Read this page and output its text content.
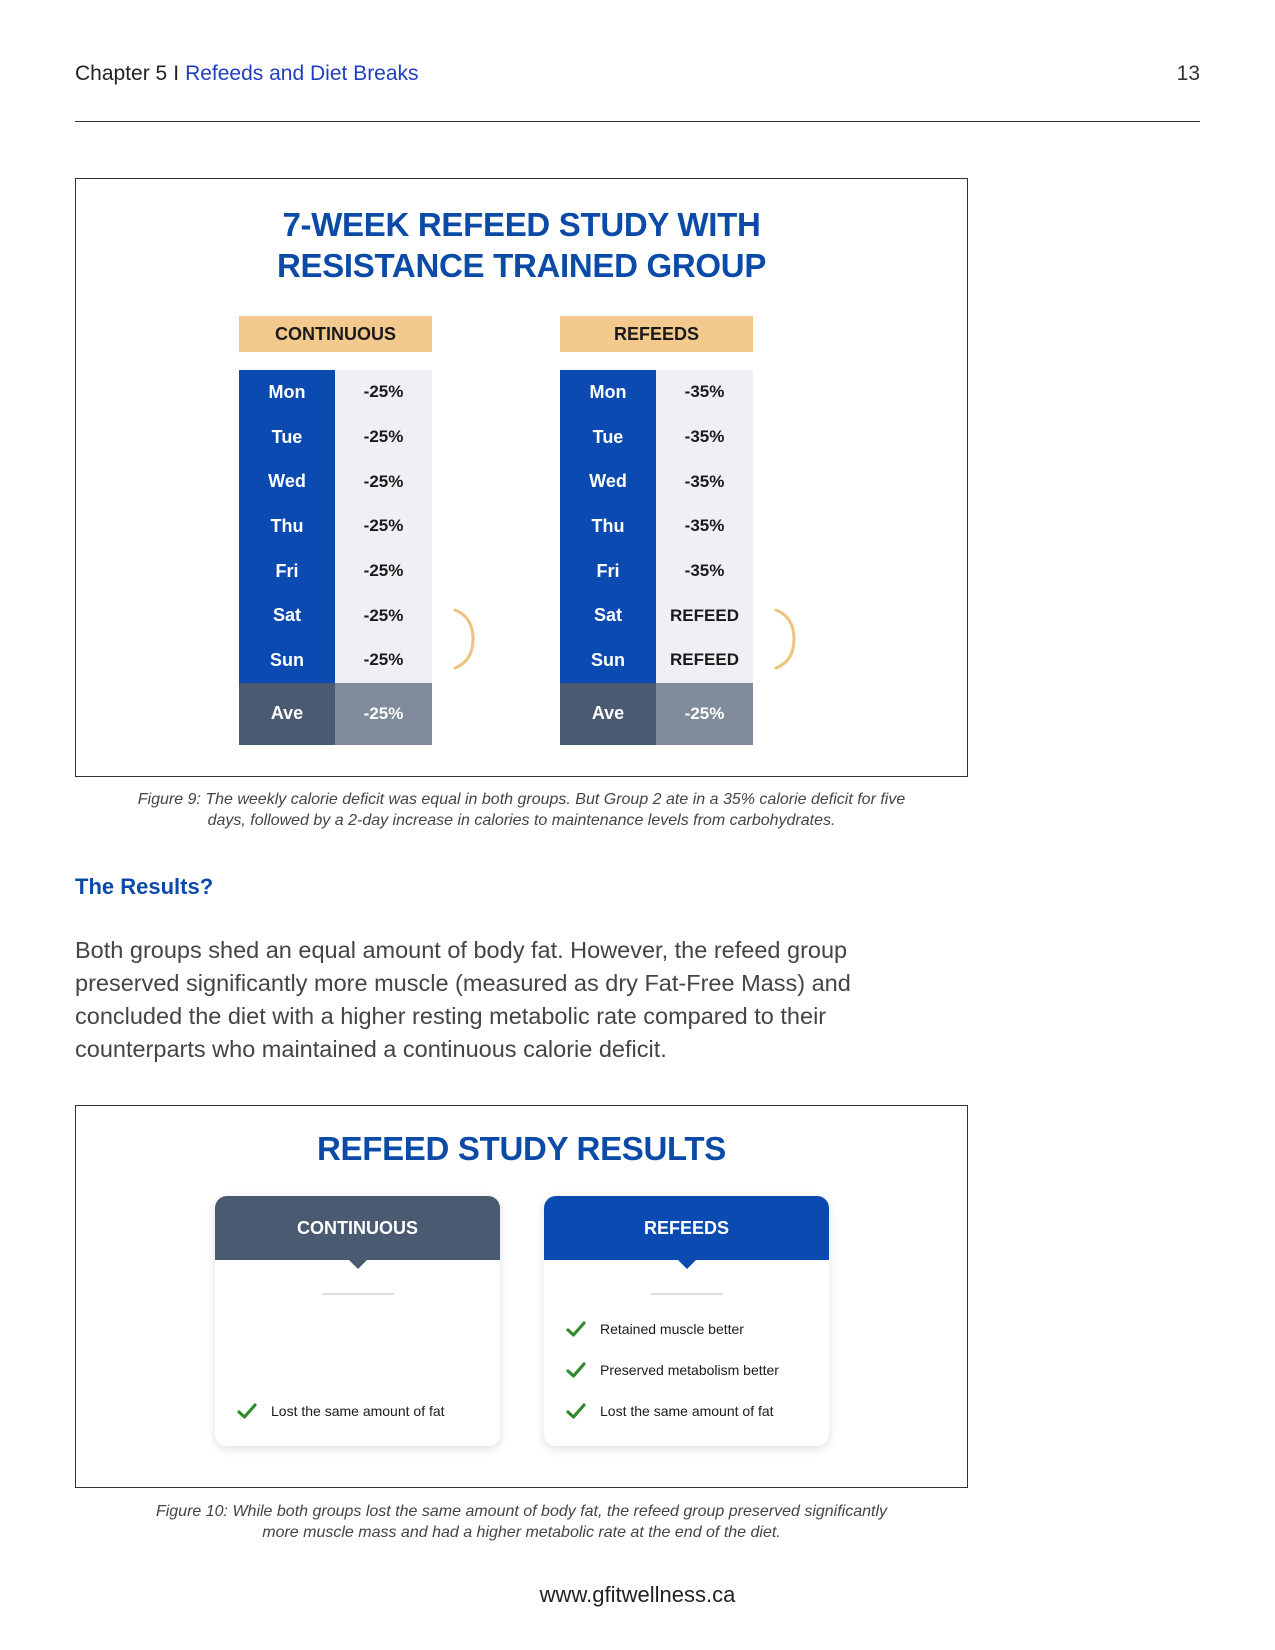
Chapter 5 I Refeeds and Diet Breaks	13
7-WEEK REFEED STUDY WITH
RESISTANCE TRAINED GROUP
CONTINUOUS
Mon	-25%
Tue	-25%
Wed	-25%
Thu	-25%
Fri	-25%
Sat	-25%
Sun	-25%
Ave	-25%
REFEEDS
Mon	-35%
Tue	-35%
Wed	-35%
Thu	-35%
Fri	-35%
Sat	REFEED
Sun	REFEED
Ave	-25%
Figure 9: The weekly calorie deficit was equal in both groups. But Group 2 ate in a 35% calorie deficit for five
days, followed by a 2-day increase in calories to maintenance levels from carbohydrates.
The Results?
Both groups shed an equal amount of body fat. However, the refeed group preserved significantly more muscle (measured as dry Fat-Free Mass) and concluded the diet with a higher resting metabolic rate compared to their counterparts who maintained a continuous calorie deficit.
REFEED STUDY RESULTS
CONTINUOUS
Lost the same amount of fat
REFEEDS
Retained muscle better
Preserved metabolism better
Lost the same amount of fat
Figure 10: While both groups lost the same amount of body fat, the refeed group preserved significantly
more muscle mass and had a higher metabolic rate at the end of the diet.
www.gfitwellness.ca
